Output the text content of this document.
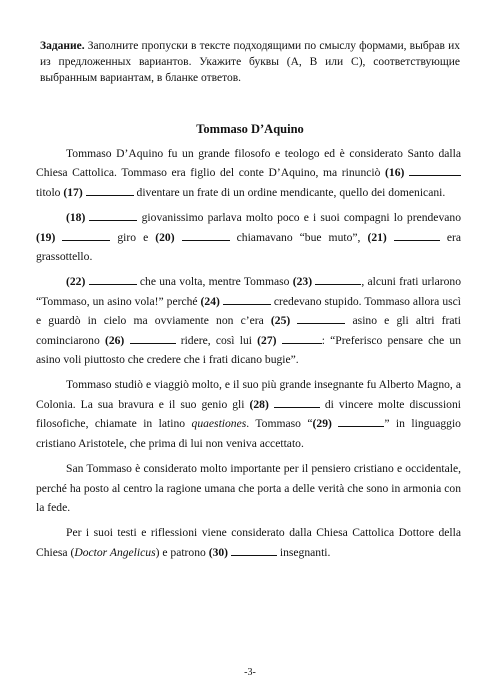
Задание. Заполните пропуски в тексте подходящими по смыслу формами, выбрав их из предложенных вариантов. Укажите буквы (A, B или C), соответствующие выбранным вариантам, в бланке ответов.
Tommaso D’Aquino

Tommaso D’Aquino fu un grande filosofo e teologo ed è considerato Santo dalla Chiesa Cattolica. Tommaso era figlio del conte D’Aquino, ma rinunciò (16)  titolo (17)	diventare un frate di un ordine mendicante, quello dei domenicani.

(18)	giovanissimo parlava molto poco e i suoi compagni lo prendevano (19)	giro e (20)	chiamavano “bue muto”, (21)	era grassottello.

(22)	che una volta, mentre Tommaso (23)	, alcuni frati urlarono “Tommaso, un asino vola!” perché (24)	credevano stupido. Tommaso allora uscì e guardò in cielo ma ovviamente non c’era (25)	asino e gli altri frati cominciarono (26)	ridere, così lui (27)	: “Preferisco pensare che un asino voli piuttosto che credere che i frati dicano bugie”.

Tommaso studiò e viaggiò molto, e il suo più grande insegnante fu Alberto Magno, a Colonia. La sua bravura e il suo genio gli (28)	di vincere molte discussioni filosofiche, chiamate in latino quaestiones. Tommaso “(29)	” in linguaggio cristiano Aristotele, che prima di lui non veniva accettato.

San Tommaso è considerato molto importante per il pensiero cristiano e occidentale, perché ha posto al centro la ragione umana che porta a delle verità che sono in armonia con la fede.

Per i suoi testi e riflessioni viene considerato dalla Chiesa Cattolica Dottore della Chiesa (Doctor Angelicus) e patrono (30)	insegnanti.

-3-
